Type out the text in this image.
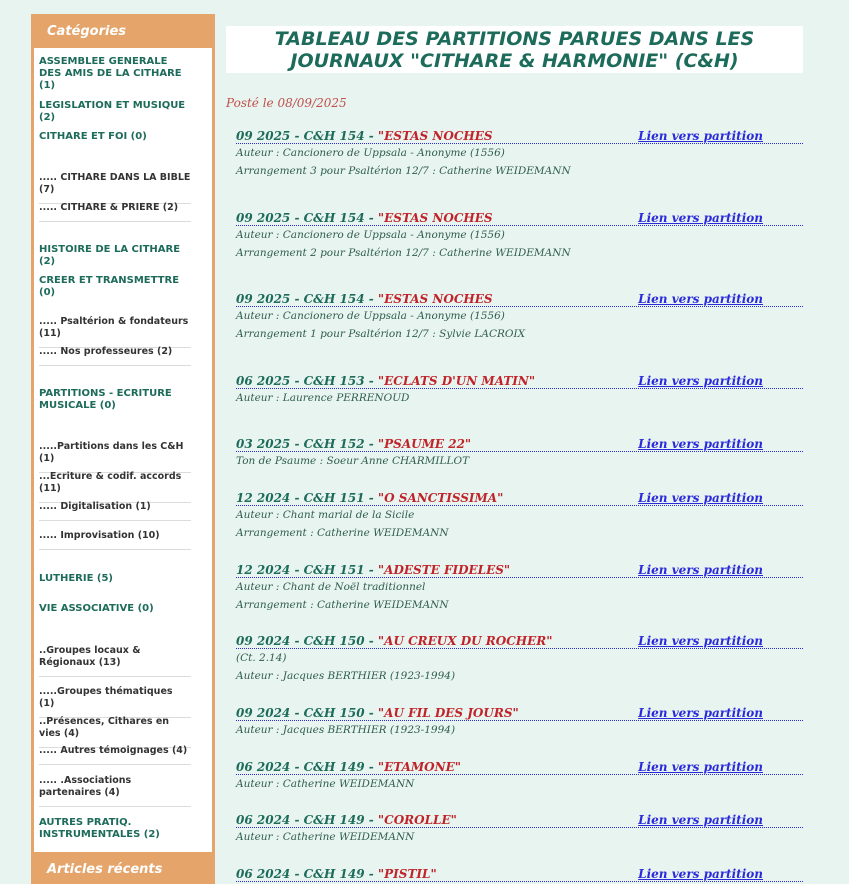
Catégories
ASSEMBLEE GENERALE DES AMIS DE LA CITHARE (1)
LEGISLATION ET MUSIQUE (2)
CITHARE ET FOI (0)
..... CITHARE DANS LA BIBLE (7)
..... CITHARE & PRIERE (2)
HISTOIRE DE LA CITHARE (2)
CREER ET TRANSMETTRE (0)
..... Psaltérion & fondateurs (11)
..... Nos professeures (2)
PARTITIONS - ECRITURE MUSICALE (0)
.....Partitions dans les C&H (1)
...Ecriture & codif. accords (11)
..... Digitalisation (1)
..... Improvisation (10)
LUTHERIE (5)
VIE ASSOCIATIVE (0)
..Groupes locaux & Régionaux (13)
.....Groupes thématiques (1)
..Présences, Cithares en vies (4)
..... Autres témoignages (4)
..... .Associations partenaires (4)
AUTRES PRATIQ. INSTRUMENTALES (2)
Articles récents
TABLEAU DES PARTITIONS PARUES DANS LES JOURNAUX "CITHARE & HARMONIE" (C&H)
Posté le 08/09/2025
09 2025 - C&H 154 - "ESTAS NOCHES	Lien vers partition
Auteur : Cancionero de Uppsala - Anonyme (1556)
Arrangement 3 pour Psaltérion 12/7 : Catherine WEIDEMANN
09 2025 - C&H 154 - "ESTAS NOCHES	Lien vers partition
Auteur : Cancionero de Uppsala - Anonyme (1556)
Arrangement 2 pour Psaltérion 12/7 : Catherine WEIDEMANN
09 2025 - C&H 154 - "ESTAS NOCHES	Lien vers partition
Auteur : Cancionero de Uppsala - Anonyme (1556)
Arrangement 1 pour Psaltérion 12/7 : Sylvie LACROIX
06 2025 - C&H 153 - "ECLATS D'UN MATIN"	Lien vers partition
Auteur : Laurence PERRENOUD
03 2025 - C&H 152 - "PSAUME 22"	Lien vers partition
Ton de Psaume : Soeur Anne CHARMILLOT
12 2024 - C&H 151 - "O SANCTISSIMA"	Lien vers partition
Auteur : Chant marial de la Sicile
Arrangement : Catherine WEIDEMANN
12 2024 - C&H 151 - "ADESTE FIDELES"	Lien vers partition
Auteur : Chant de Noël traditionnel
Arrangement : Catherine WEIDEMANN
09 2024 - C&H 150 - "AU CREUX DU ROCHER"	Lien vers partition
(Ct. 2.14)
Auteur : Jacques BERTHIER (1923-1994)
09 2024 - C&H 150 - "AU FIL DES JOURS"	Lien vers partition
Auteur : Jacques BERTHIER (1923-1994)
06 2024 - C&H 149 - "ETAMONE"	Lien vers partition
Auteur : Catherine WEIDEMANN
06 2024 - C&H 149 - "COROLLE"	Lien vers partition
Auteur : Catherine WEIDEMANN
06 2024 - C&H 149 - "PISTIL"	Lien vers partition
